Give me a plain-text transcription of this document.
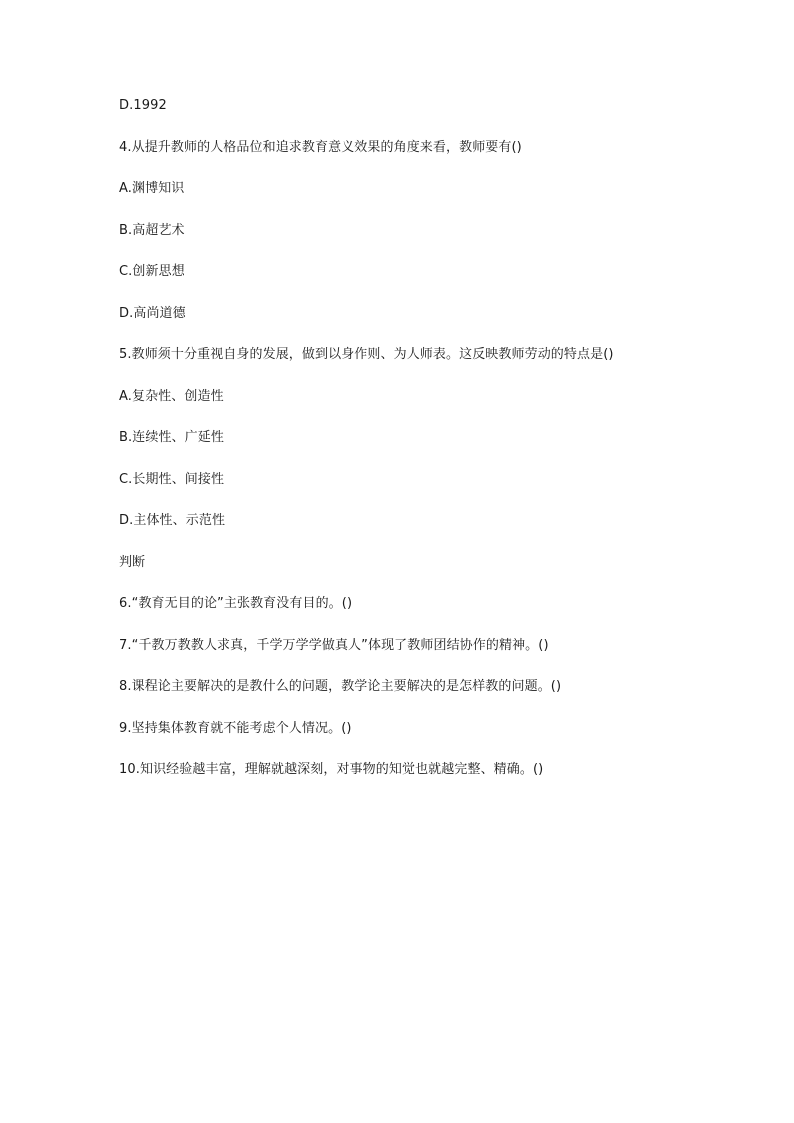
D.1992
4.从提升教师的人格品位和追求教育意义效果的角度来看，教师要有()
A.渊博知识
B.高超艺术
C.创新思想
D.高尚道德
5.教师须十分重视自身的发展，做到以身作则、为人师表。这反映教师劳动的特点是()
A.复杂性、创造性
B.连续性、广延性
C.长期性、间接性
D.主体性、示范性
判断
6.“教育无目的论”主张教育没有目的。()
7.“千教万教教人求真，千学万学学做真人”体现了教师团结协作的精神。()
8.课程论主要解决的是教什么的问题，教学论主要解决的是怎样教的问题。()
9.坚持集体教育就不能考虑个人情况。()
10.知识经验越丰富，理解就越深刻，对事物的知觉也就越完整、精确。()
